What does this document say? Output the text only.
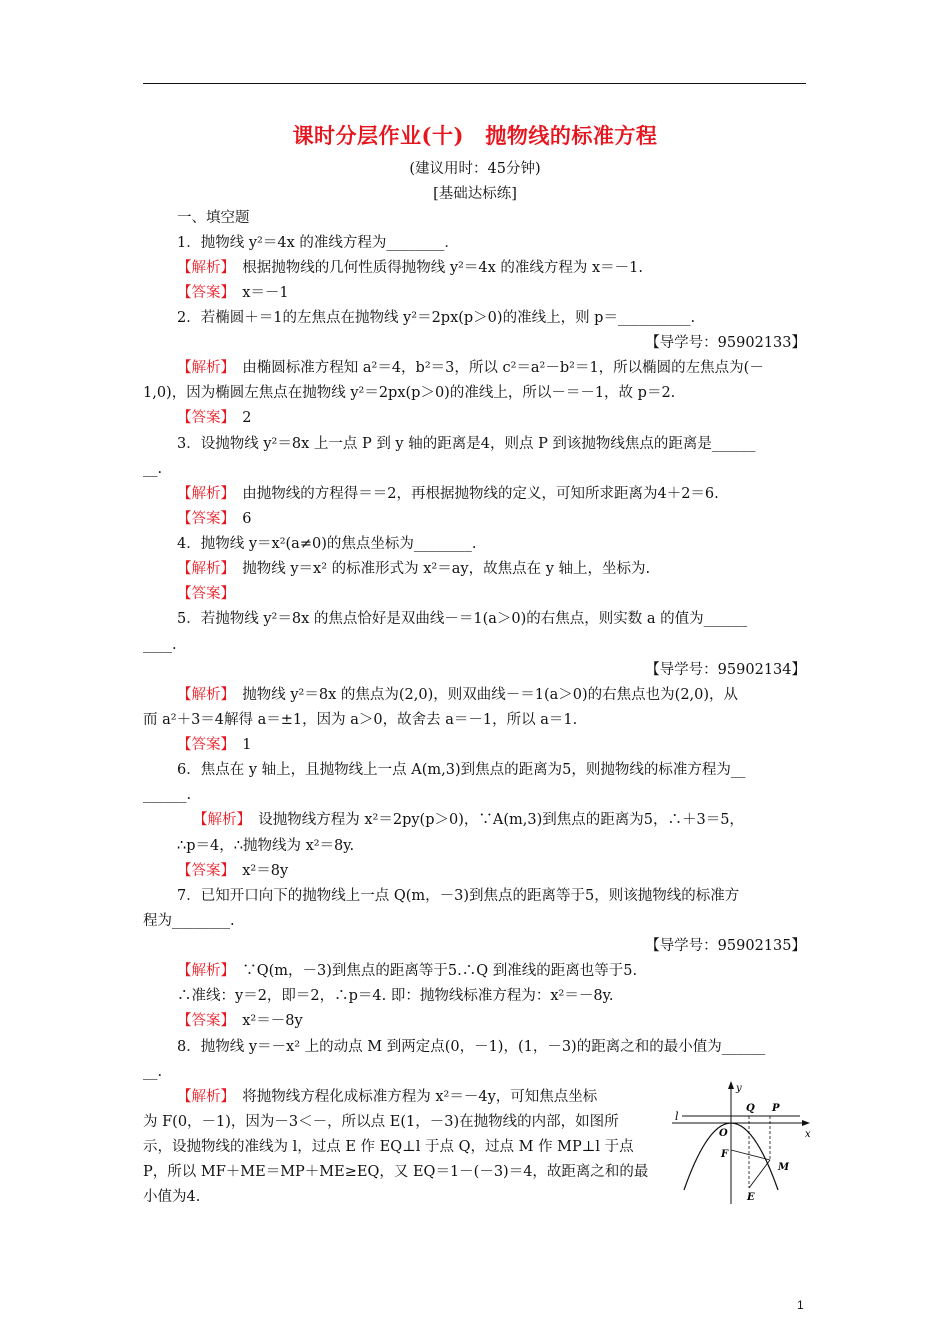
课时分层作业(十)　抛物线的标准方程
(建议用时：45分钟)
[基础达标练]
一、填空题
1．抛物线 y²＝4x 的准线方程为________．
【解析】　根据抛物线的几何性质得抛物线 y²＝4x 的准线方程为 x＝－1.
【答案】　x＝－1
2．若椭圆＋＝1的左焦点在抛物线 y²＝2px(p＞0)的准线上，则 p＝__________.
【导学号：95902133】
【解析】　由椭圆标准方程知 a²＝4，b²＝3，所以 c²＝a²－b²＝1，所以椭圆的左焦点为(－
1,0)，因为椭圆左焦点在抛物线 y²＝2px(p＞0)的准线上，所以－＝－1，故 p＝2.
【答案】　2
3．设抛物线 y²＝8x 上一点 P 到 y 轴的距离是4，则点 P 到该抛物线焦点的距离是______
__.
【解析】　由抛物线的方程得＝＝2，再根据抛物线的定义，可知所求距离为4＋2＝6.
【答案】　6
4．抛物线 y＝x²(a≠0)的焦点坐标为________.
【解析】　抛物线 y＝x² 的标准形式为 x²＝ay，故焦点在 y 轴上，坐标为.
【答案】
5．若抛物线 y²＝8x 的焦点恰好是双曲线－＝1(a＞0)的右焦点，则实数 a 的值为______
____.
【导学号：95902134】
【解析】　抛物线 y²＝8x 的焦点为(2,0)，则双曲线－＝1(a＞0)的右焦点也为(2,0)，从
而 a²＋3＝4解得 a＝±1，因为 a＞0，故舍去 a＝－1，所以 a＝1.
【答案】　1
6．焦点在 y 轴上，且抛物线上一点 A(m,3)到焦点的距离为5，则抛物线的标准方程为__
______.
【解析】　设抛物线方程为 x²＝2py(p＞0)，∵A(m,3)到焦点的距离为5，∴＋3＝5，
∴p＝4，∴抛物线为 x²＝8y.
【答案】　x²＝8y
7．已知开口向下的抛物线上一点 Q(m，－3)到焦点的距离等于5，则该抛物线的标准方
程为________.
【导学号：95902135】
【解析】　∵Q(m，－3)到焦点的距离等于5.∴Q 到准线的距离也等于5.
∴准线：y＝2，即＝2，∴p＝4. 即：抛物线标准方程为：x²＝－8y.
【答案】　x²＝－8y
8．抛物线 y＝－x² 上的动点 M 到两定点(0，－1)，(1，－3)的距离之和的最小值为______
__.
【解析】　将抛物线方程化成标准方程为 x²＝－4y，可知焦点坐标
为 F(0，－1)，因为－3＜－，所以点 E(1，－3)在抛物线的内部，如图所
示，设抛物线的准线为 l，过点 E 作 EQ⊥l 于点 Q，过点 M 作 MP⊥l 于点
P，所以 MF＋ME＝MP＋ME≥EQ，又 EQ＝1－(－3)＝4，故距离之和的最
小值为4.
y
x
l
O
Q P
F
M
E
1
